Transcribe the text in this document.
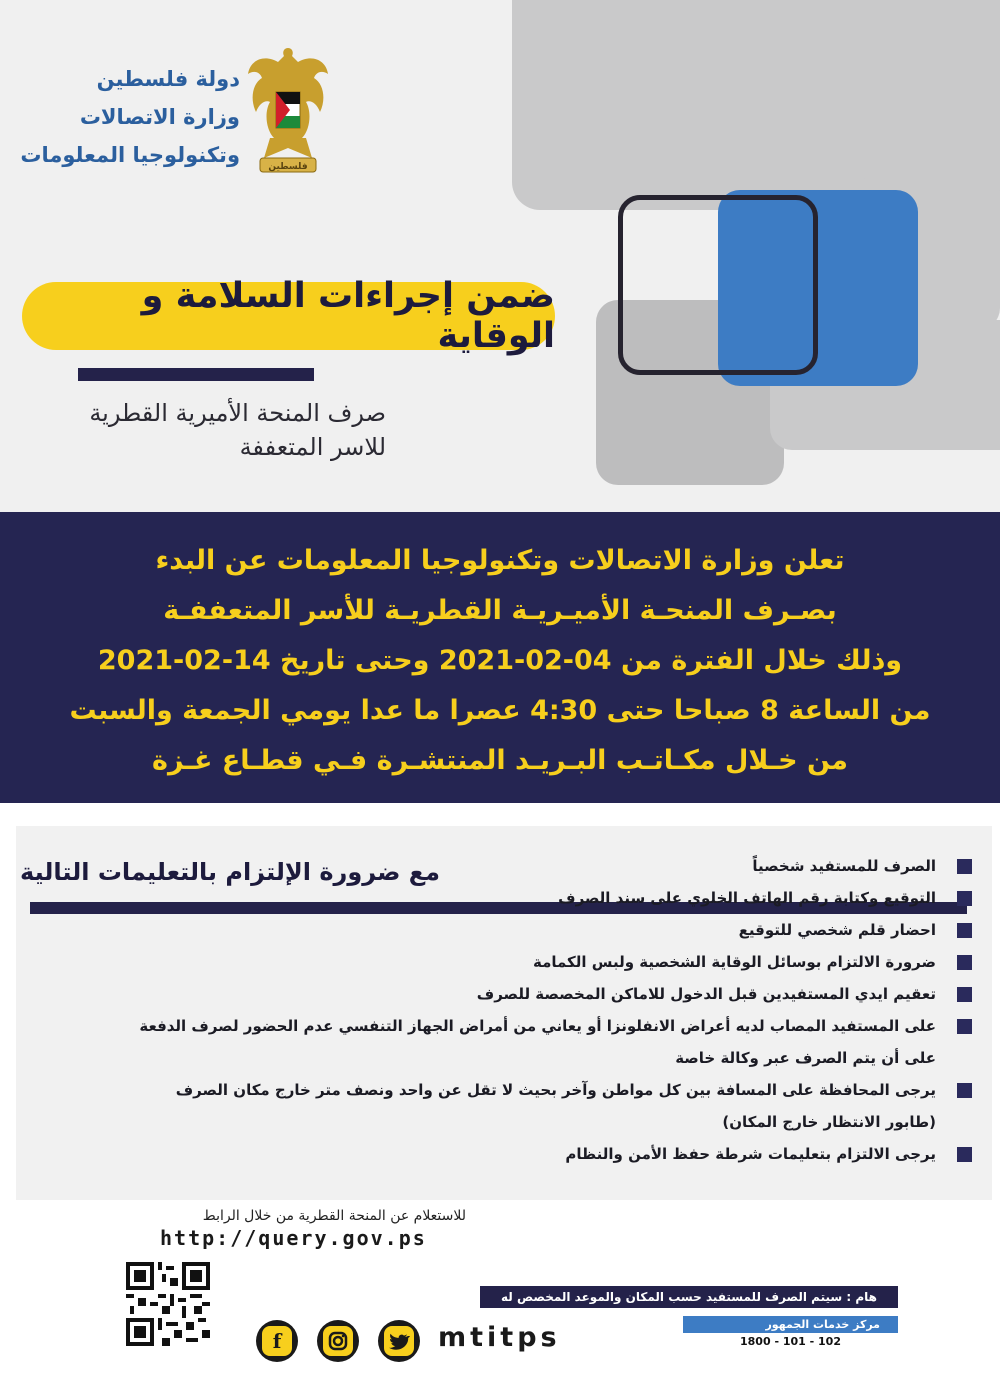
دولة فلسطين
وزارة الاتصالات
وتكنولوجيا المعلومات	فلسطين
ضمن إجراءات السلامة و الوقاية
صرف المنحة الأميرية القطرية
للاسر المتعففة
تعلن وزارة الاتصالات وتكنولوجيا المعلومات عن البدء
بصـرف المنحـة الأميـريـة القطريـة للأسر المتعففـة
وذلك خلال الفترة من 04-02-2021 وحتى تاريخ 14-02-2021
من الساعة 8 صباحا حتى 4:30 عصرا ما عدا يومي الجمعة والسبت
من خـلال مكـاتـب البـريـد المنتشـرة فـي قطـاع غـزة
مع ضرورة الإلتزام بالتعليمات التالية	الصرف للمستفيد شخصياً
التوقيع وكتابة رقم الهاتف الخلوي على سند الصرف
احضار قلم شخصي للتوقيع
ضرورة الالتزام بوسائل الوقاية الشخصية ولبس الكمامة
تعقيم ايدي المستفيدين قبل الدخول للاماكن المخصصة للصرف
على المستفيد المصاب لديه أعراض الانفلونزا أو يعاني من أمراض الجهاز التنفسي عدم الحضور لصرف الدفعة
على أن يتم الصرف عبر وكالة خاصة
يرجى المحافظة على المسافة بين كل مواطن وآخر بحيث لا تقل عن واحد ونصف متر خارج مكان الصرف
(طابور الانتظار خارج المكان)
يرجى الالتزام بتعليمات شرطة حفظ الأمن والنظام
للاستعلام عن المنحة القطرية من خلال الرابط
http://query.gov.ps
هام : سيتم الصرف للمستفيد حسب المكان والموعد المخصص له
مركز خدمات الجمهور
1800 - 101 - 102
f	mtitps
